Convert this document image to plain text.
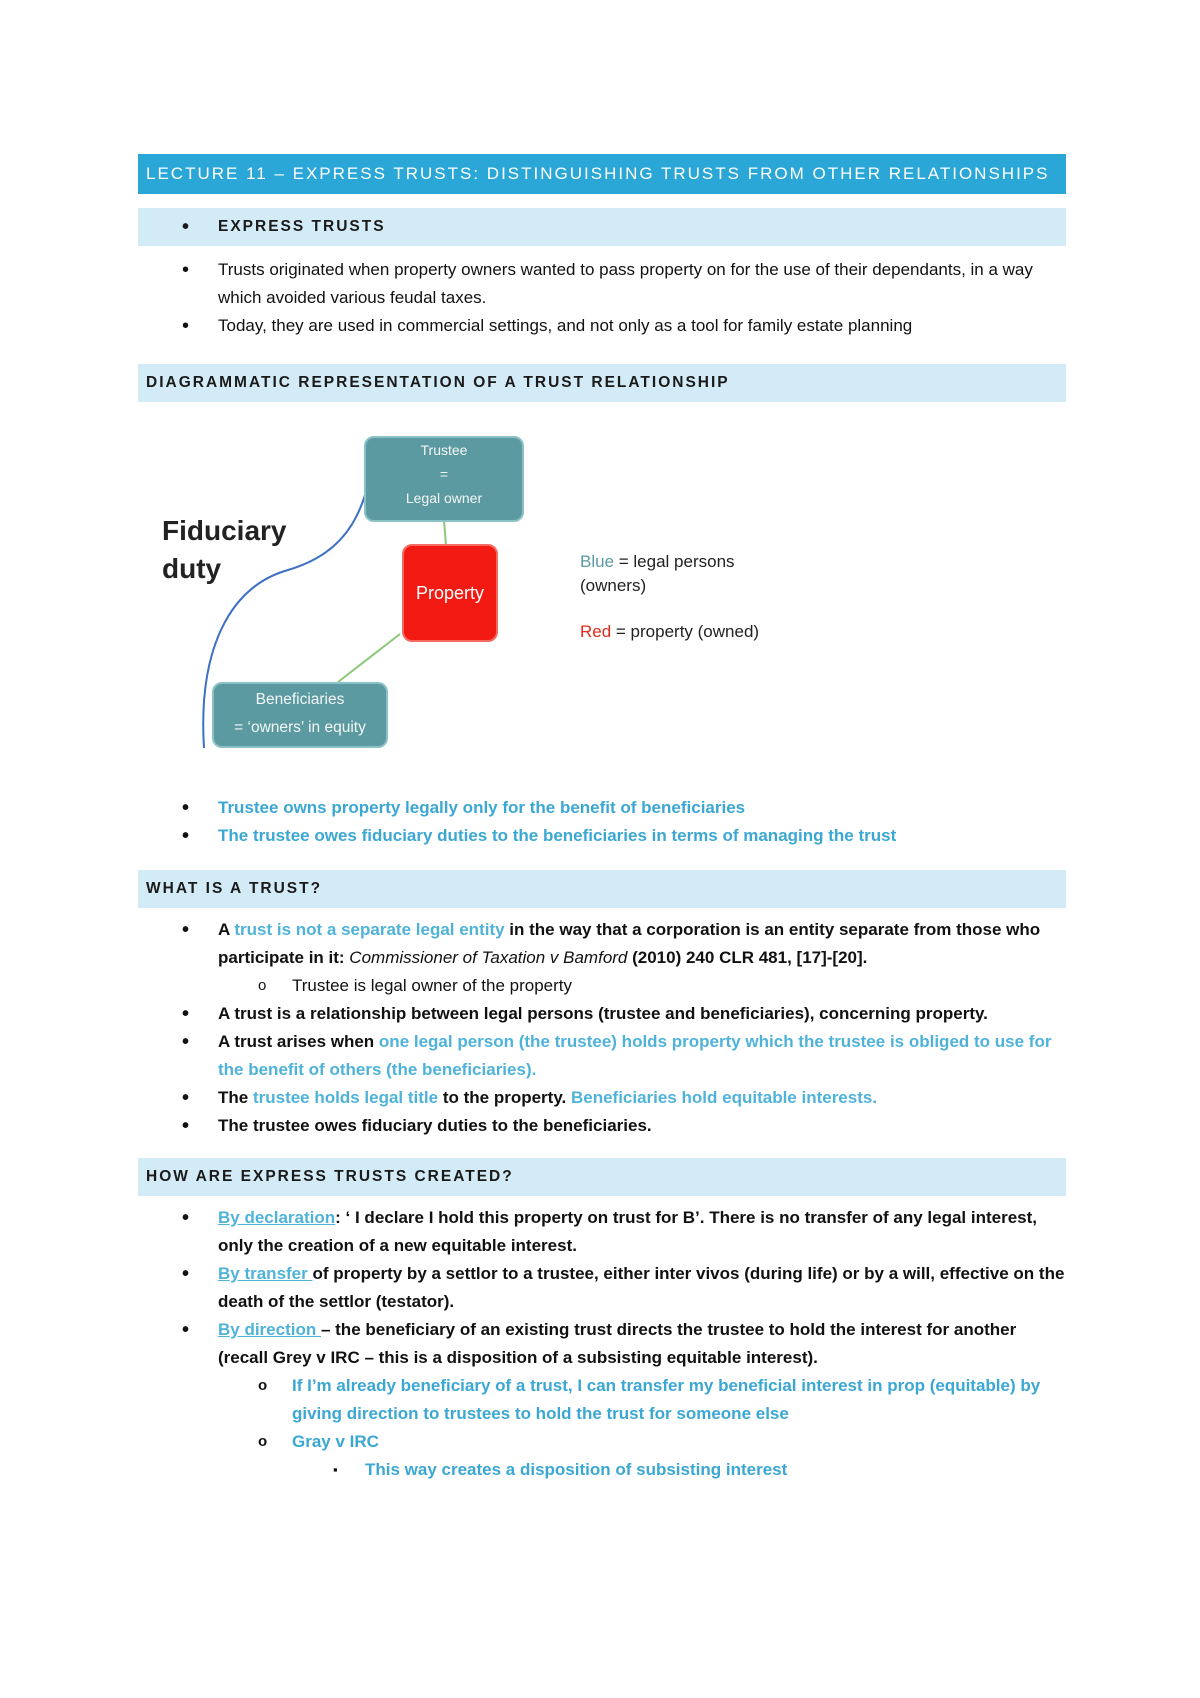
LECTURE 11 – EXPRESS TRUSTS: DISTINGUISHING TRUSTS FROM OTHER RELATIONSHIPS
• EXPRESS TRUSTS
• Trusts originated when property owners wanted to pass property on for the use of their dependants, in a way which avoided various feudal taxes.
• Today, they are used in commercial settings, and not only as a tool for family estate planning
DIAGRAMMATIC REPRESENTATION OF A TRUST RELATIONSHIP
Trustee
=
Legal owner
Property
Beneficiaries
= ‘owners’ in equity
Fiduciary
duty	Blue = legal persons
(owners)
Red = property (owned)
• Trustee owns property legally only for the benefit of beneficiaries
• The trustee owes fiduciary duties to the beneficiaries in terms of managing the trust
WHAT IS A TRUST?
• A trust is not a separate legal entity in the way that a corporation is an entity separate from those who participate in it: Commissioner of Taxation v Bamford (2010) 240 CLR 481, [17]-[20].
o Trustee is legal owner of the property
• A trust is a relationship between legal persons (trustee and beneficiaries), concerning property.
• A trust arises when one legal person (the trustee) holds property which the trustee is obliged to use for the benefit of others (the beneficiaries).
• The trustee holds legal title to the property. Beneficiaries hold equitable interests.
• The trustee owes fiduciary duties to the beneficiaries.
HOW ARE EXPRESS TRUSTS CREATED?
• By declaration: ‘ I declare I hold this property on trust for B’. There is no transfer of any legal interest, only the creation of a new equitable interest.
• By transfer of property by a settlor to a trustee, either inter vivos (during life) or by a will, effective on the death of the settlor (testator).
• By direction – the beneficiary of an existing trust directs the trustee to hold the interest for another (recall Grey v IRC – this is a disposition of a subsisting equitable interest).
o If I’m already beneficiary of a trust, I can transfer my beneficial interest in prop (equitable) by giving direction to trustees to hold the trust for someone else
o Gray v IRC
▪ This way creates a disposition of subsisting interest
